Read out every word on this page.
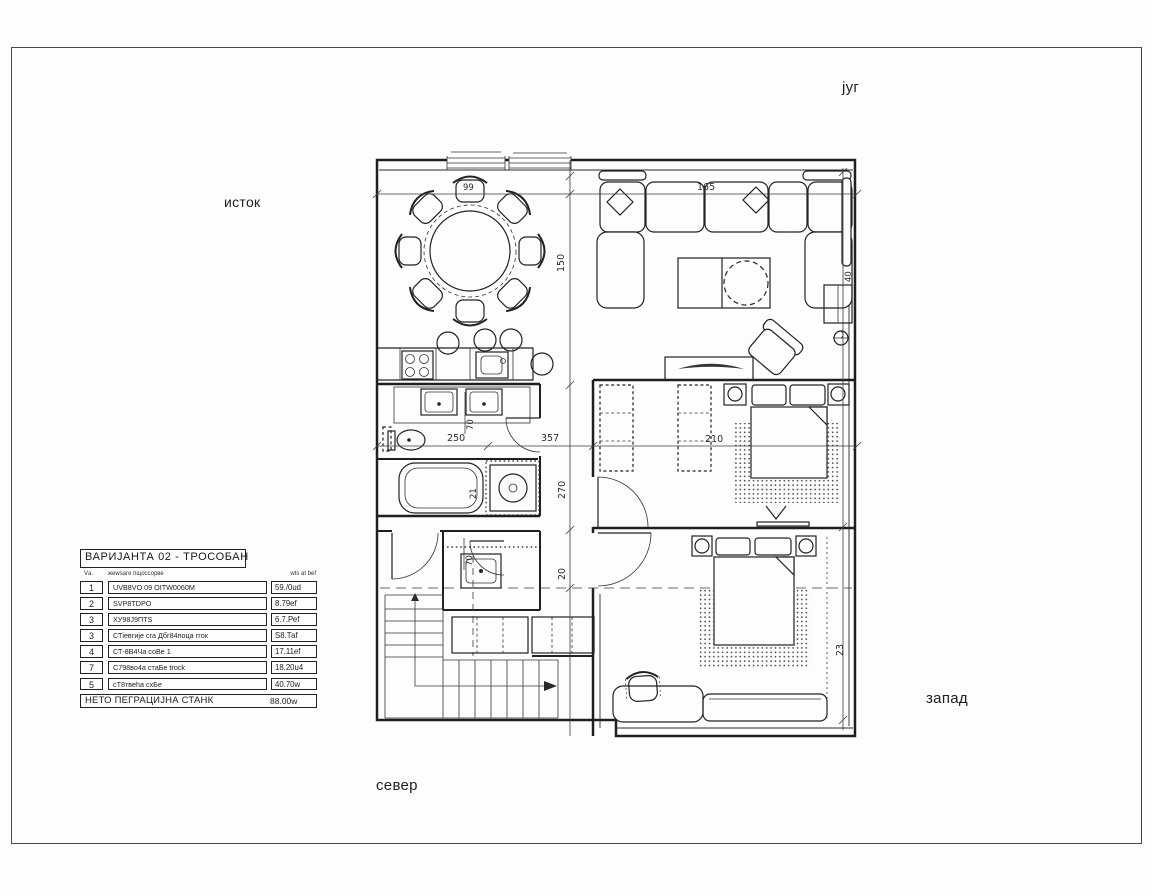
југ
исток
запад
север
99	165
250	357	210
150
270
20
40
23
70
21
70
ВАРИЈАНТА 02 - ТРОСОБАН
Vа. жеwsаге пщоссорве	wts at bef
1	UVВ8VO 09 ОIТW0060M	59./0ud
2	SVР8ТDРO	8.79ef
3	ХУ98Ј9ПТS	6.7.Реf
3	СТіевгије сга Дбг84поца ггок	S8.Таf
4	СТ-8В4Ча соВе 1	17.11ef
7	С798во4а стаБе trock	18.20u4
5	сТ8твеhа схБе	40.70w
НЕТО ПЕГРАЦИЈНА СТАНК	88.00w
